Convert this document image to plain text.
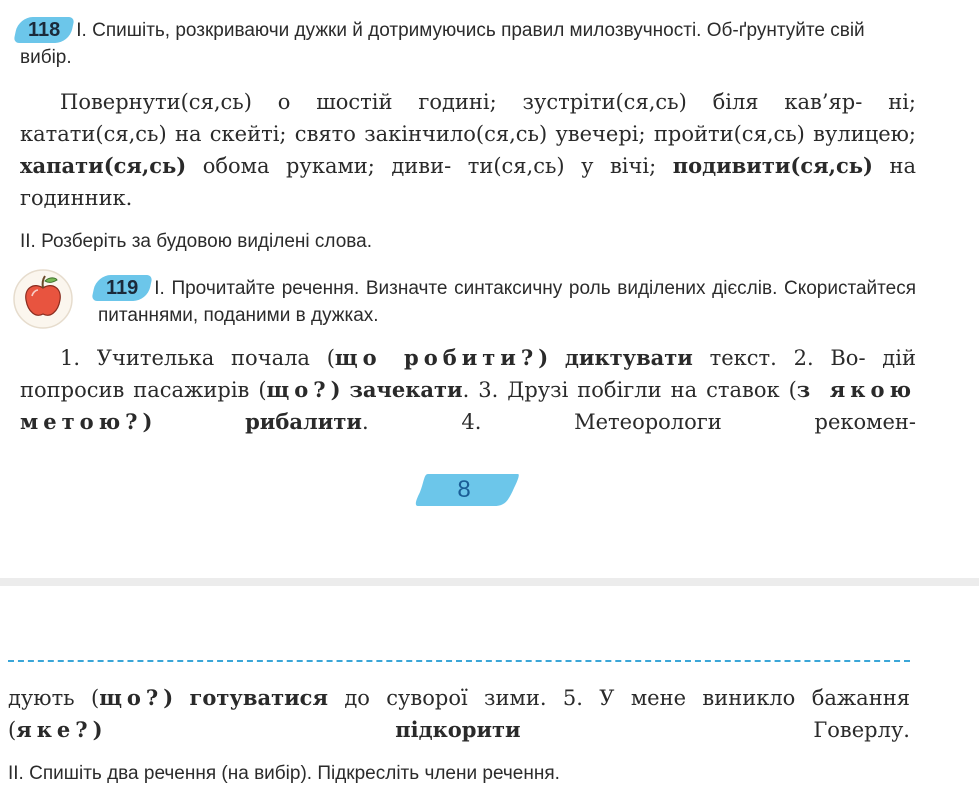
118 I. Спишіть, розкриваючи дужки й дотримуючись правил милозвучності. Об-ґрунтуйте свій вибір.
Повернути(ся,сь) о шостій годині; зустріти(ся,сь) біля кав’яр- ні; катати(ся,сь) на скейті; свято закінчило(ся,сь) увечері; пройти(ся,сь) вулицею; хапати(ся,сь) обома руками; диви- ти(ся,сь) у вічі; подивити(ся,сь) на годинник.
II. Розберіть за будовою виділені слова.
119 I. Прочитайте речення. Визначте синтаксичну роль виділених дієслів. Скористайтеся питаннями, поданими в дужках.
1. Учителька почала (що робити?) диктувати текст. 2. Во- дій попросив пасажирів (що?) зачекати. 3. Друзі побігли на ставок (з якою метою?)	рибалити. 4. Метеорологи рекомен-
8
дують (що?) готуватися до суворої зими. 5. У мене виникло бажання (яке?)	підкорити	Говерлу.
II. Спишіть два речення (на вибір). Підкресліть члени речення.
